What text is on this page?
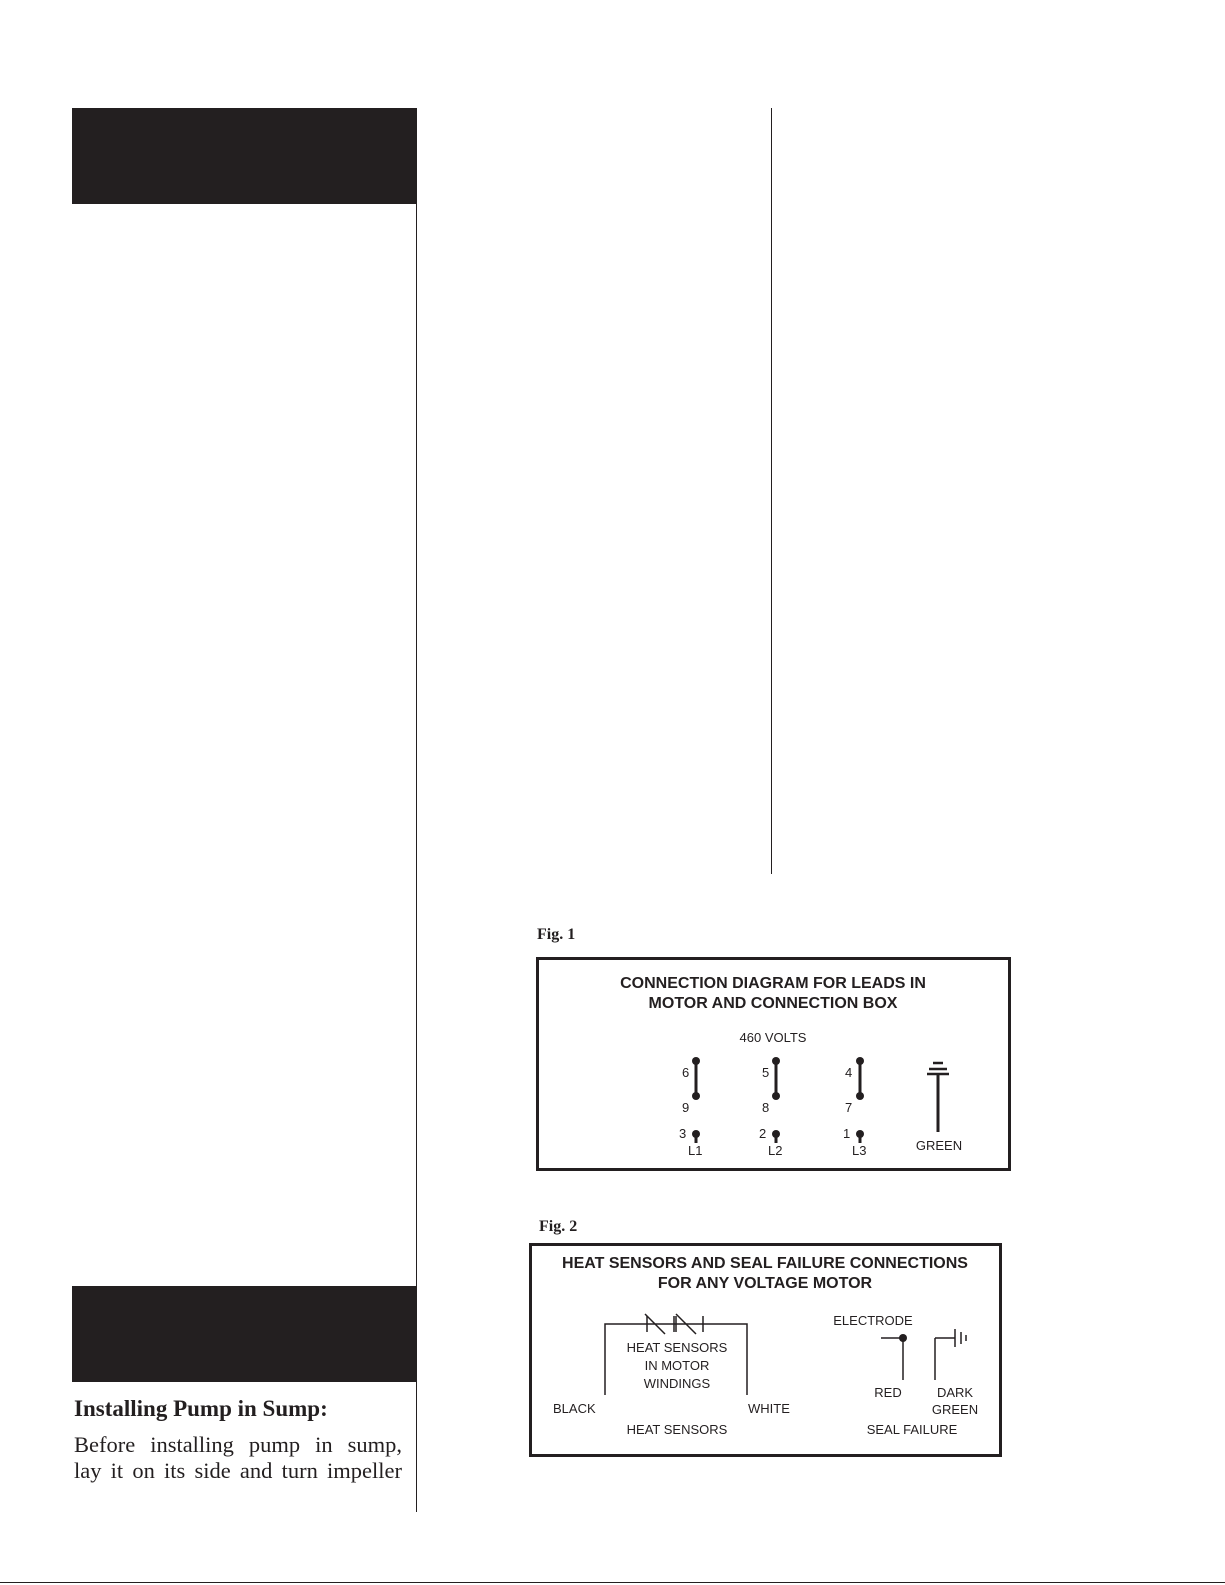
Installing Pump in Sump:
Before installing pump in sump,
lay it on its side and turn impeller
Fig. 1
CONNECTION DIAGRAM FOR LEADS IN
MOTOR AND CONNECTION BOX
460 VOLTS
6
9
3
L1
5
8
2
L2
4
7
1
L3	GREEN
Fig. 2
HEAT SENSORS AND SEAL FAILURE CONNECTIONS
FOR ANY VOLTAGE MOTOR
HEAT SENSORS
IN MOTOR
WINDINGS
BLACK	WHITE
HEAT SENSORS
ELECTRODE
RED	DARK
GREEN
SEAL FAILURE
